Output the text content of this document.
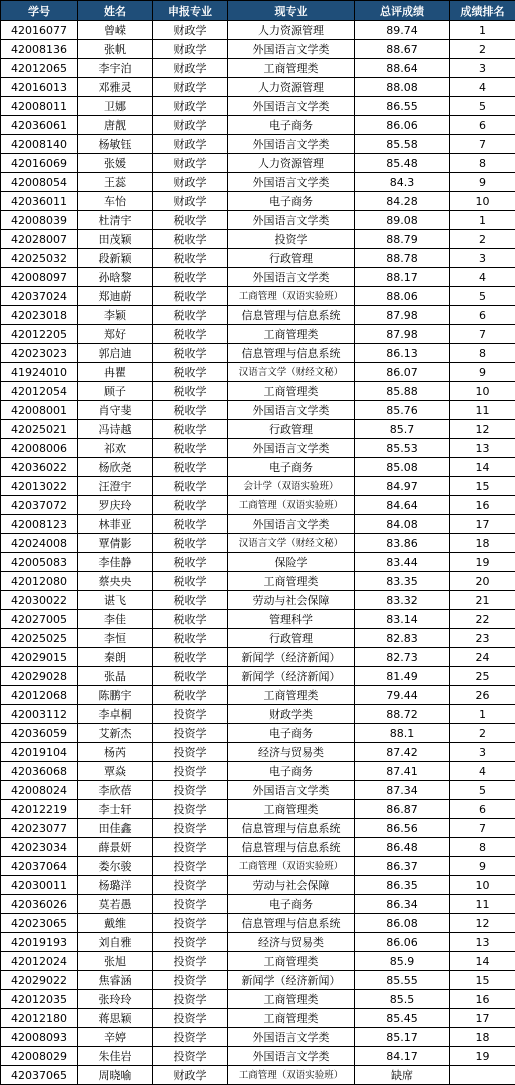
学号	姓名	申报专业	现专业	总评成绩	成绩排名
42016077	曾嵘	财政学	人力资源管理	89.74	1
42008136	张帆	财政学	外国语言文学类	88.67	2
42012065	李宇泊	财政学	工商管理类	88.64	3
42016013	邓雅灵	财政学	人力资源管理	88.08	4
42008011	卫娜	财政学	外国语言文学类	86.55	5
42036061	唐靓	财政学	电子商务	86.06	6
42008140	杨敏钰	财政学	外国语言文学类	85.58	7
42016069	张媛	财政学	人力资源管理	85.48	8
42008054	王蕊	财政学	外国语言文学类	84.3	9
42036011	车怡	财政学	电子商务	84.28	10
42008039	杜清宇	税收学	外国语言文学类	89.08	1
42028007	田茂颖	税收学	投资学	88.79	2
42025032	段新颖	税收学	行政管理	88.78	3
42008097	孙晗黎	税收学	外国语言文学类	88.17	4
42037024	郑迪蔚	税收学	工商管理（双语实验班）	88.06	5
42023018	李颖	税收学	信息管理与信息系统	87.98	6
42012205	郑好	税收学	工商管理类	87.98	7
42023023	郭启迪	税收学	信息管理与信息系统	86.13	8
41924010	冉瞿	税收学	汉语言文学（财经文秘）	86.07	9
42012054	顾子	税收学	工商管理类	85.88	10
42008001	肖守斐	税收学	外国语言文学类	85.76	11
42025021	冯诗越	税收学	行政管理	85.7	12
42008006	祁欢	税收学	外国语言文学类	85.53	13
42036022	杨欣尧	税收学	电子商务	85.08	14
42013022	汪澄宇	税收学	会计学（双语实验班）	84.97	15
42037072	罗庆玲	税收学	工商管理（双语实验班）	84.64	16
42008123	林菲亚	税收学	外国语言文学类	84.08	17
42024008	覃倩影	税收学	汉语言文学（财经文秘）	83.86	18
42005083	李佳静	税收学	保险学	83.44	19
42012080	蔡央央	税收学	工商管理类	83.35	20
42030022	谌飞	税收学	劳动与社会保障	83.32	21
42027005	李佳	税收学	管理科学	83.14	22
42025025	李恒	税收学	行政管理	82.83	23
42029015	秦朗	税收学	新闻学（经济新闻）	82.73	24
42029028	张晶	税收学	新闻学（经济新闻）	81.49	25
42012068	陈鹏宇	税收学	工商管理类	79.44	26
42003112	李卓桐	投资学	财政学类	88.72	1
42036059	艾新杰	投资学	电子商务	88.1	2
42019104	杨芮	投资学	经济与贸易类	87.42	3
42036068	覃焱	投资学	电子商务	87.41	4
42008024	李欣蓓	投资学	外国语言文学类	87.34	5
42012219	李士轩	投资学	工商管理类	86.87	6
42023077	田佳鑫	投资学	信息管理与信息系统	86.56	7
42023034	薛景妍	投资学	信息管理与信息系统	86.48	8
42037064	娄尔骏	投资学	工商管理（双语实验班）	86.37	9
42030011	杨璐洋	投资学	劳动与社会保障	86.35	10
42036026	莫若愚	投资学	电子商务	86.34	11
42023065	戴维	投资学	信息管理与信息系统	86.08	12
42019193	刘自雅	投资学	经济与贸易类	86.06	13
42012024	张旭	投资学	工商管理类	85.9	14
42029022	焦睿涵	投资学	新闻学（经济新闻）	85.55	15
42012035	张玲玲	投资学	工商管理类	85.5	16
42012180	蒋思颖	投资学	工商管理类	85.45	17
42008093	辛婷	投资学	外国语言文学类	85.17	18
42008029	朱佳岩	投资学	外国语言文学类	84.17	19
42037065	周晓喻	财政学	工商管理（双语实验班）	缺席	
